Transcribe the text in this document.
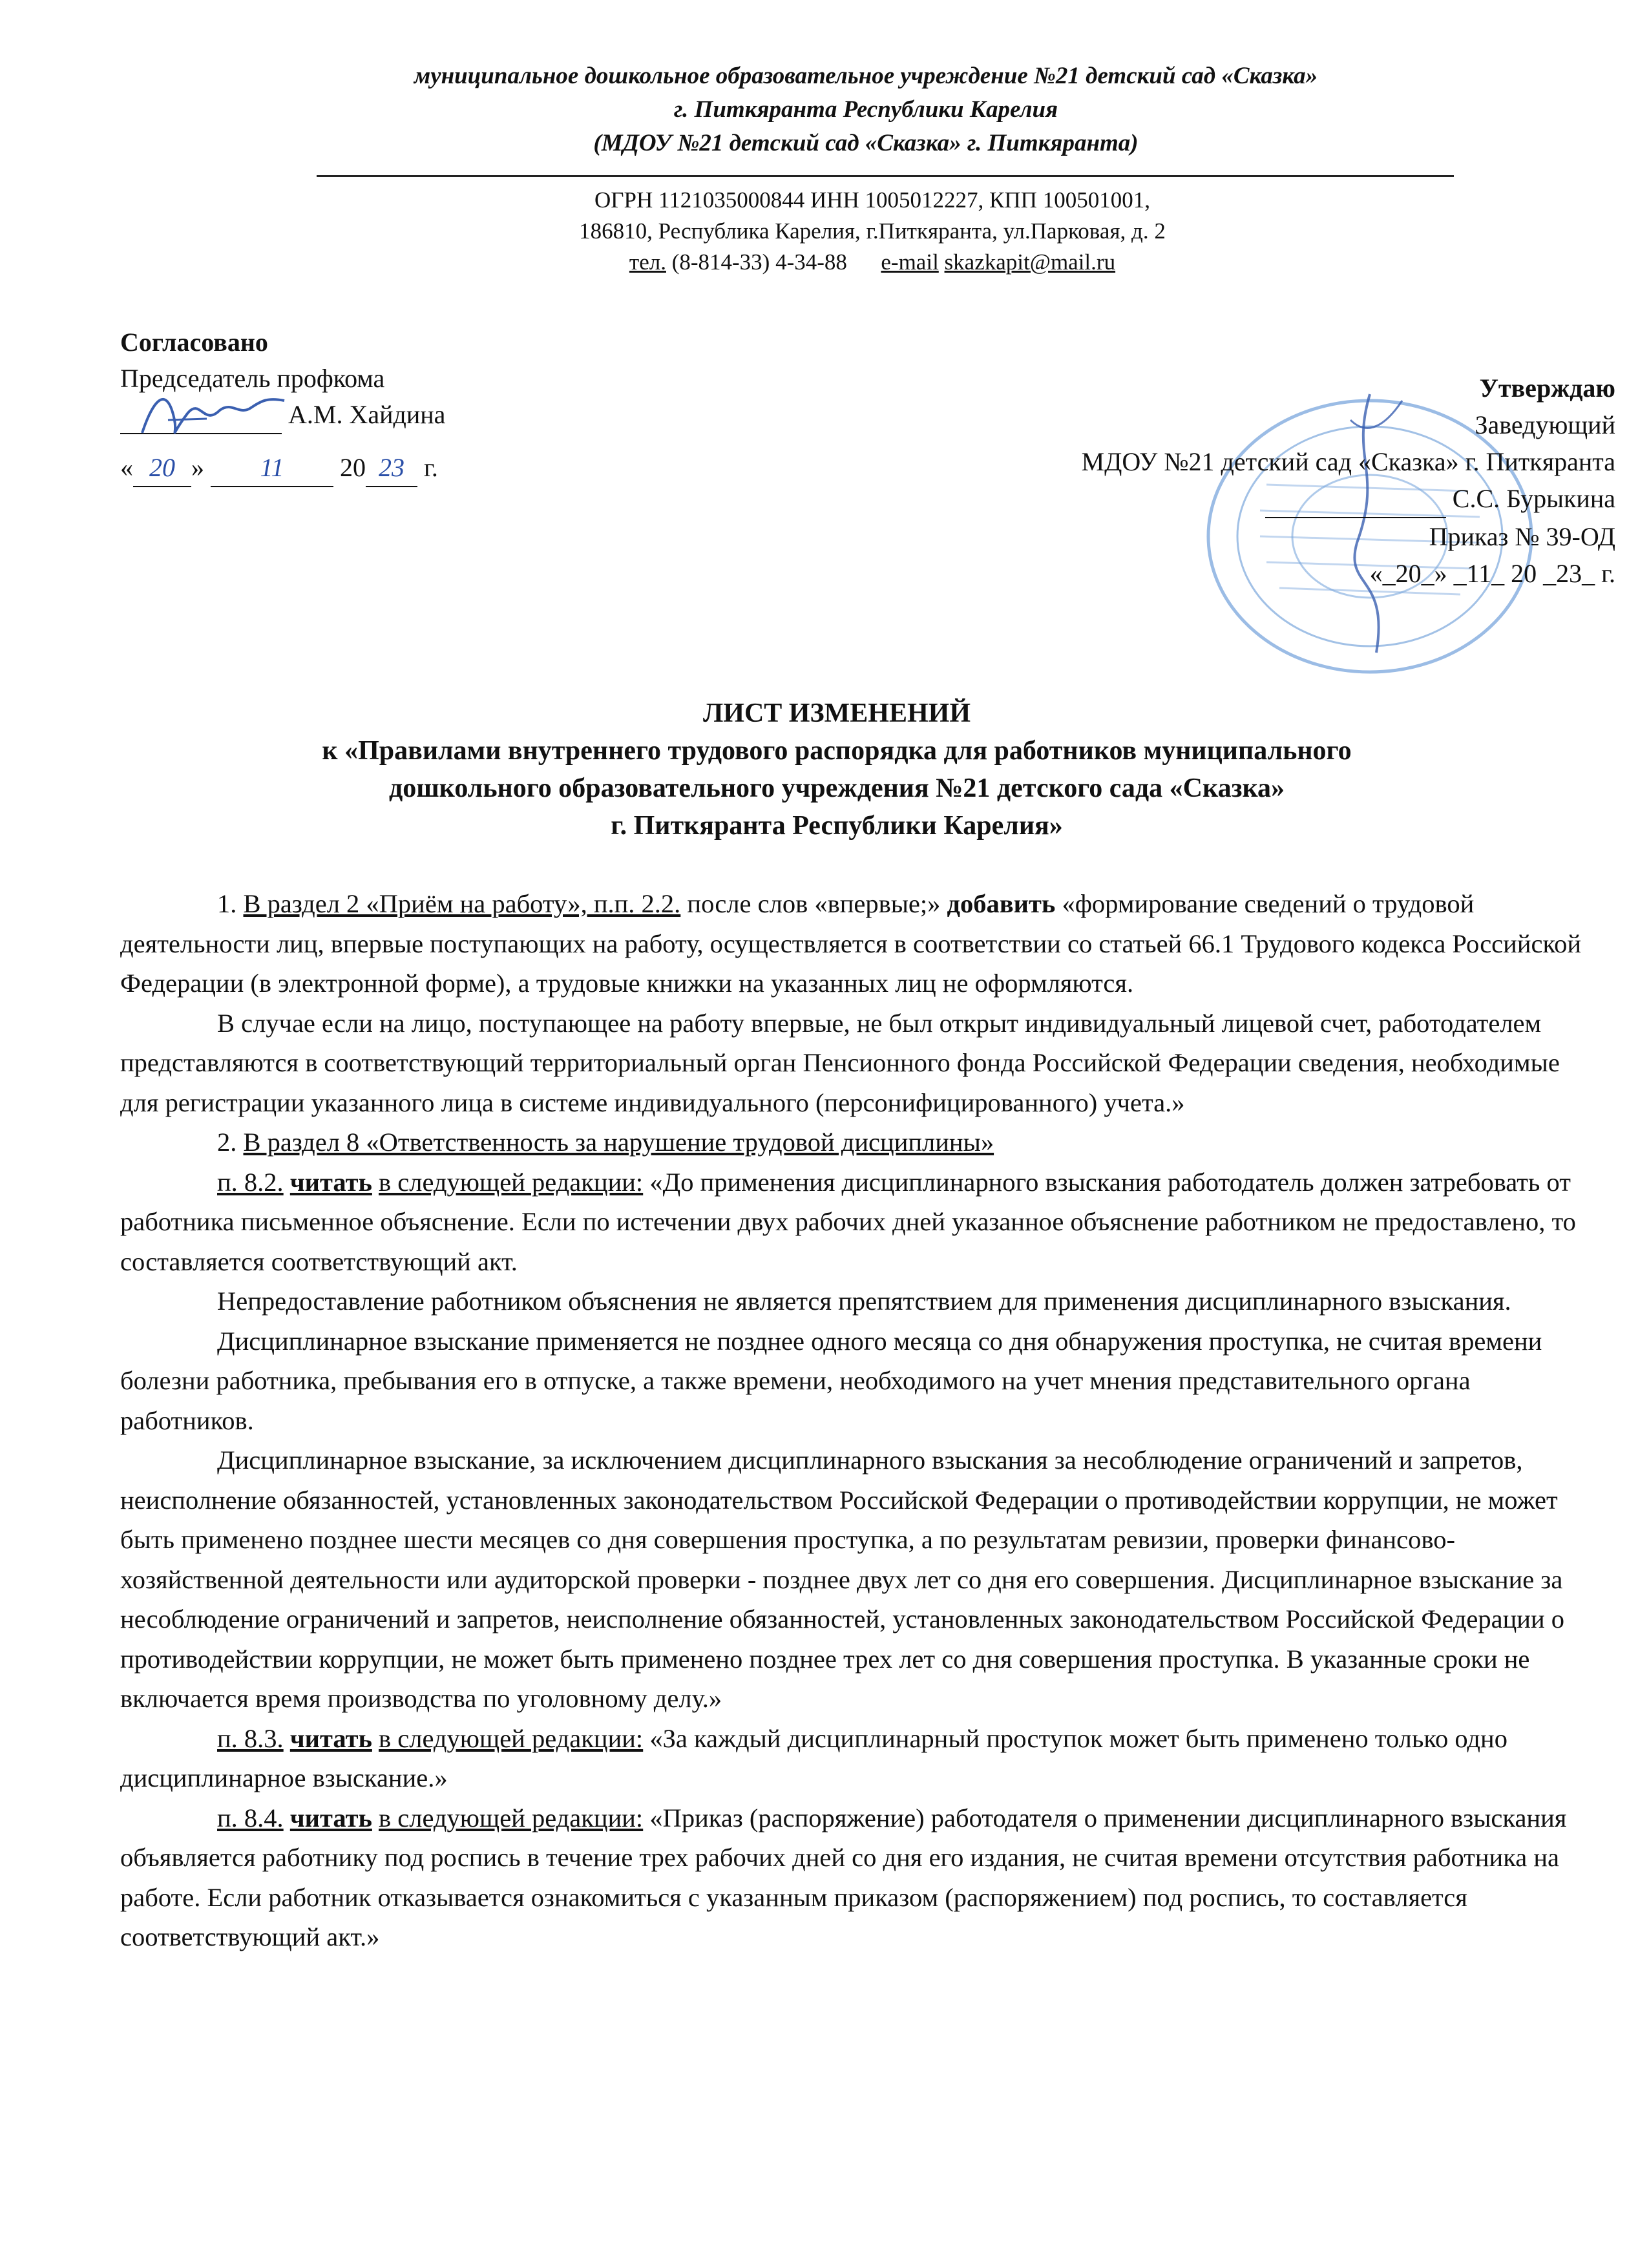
муниципальное дошкольное образовательное учреждение №21 детский сад «Сказка»
г. Питкяранта Республики Карелия
(МДОУ №21 детский сад «Сказка» г. Питкяранта)
ОГРН 1121035000844 ИНН 1005012227, КПП 100501001,
186810, Республика Карелия, г.Питкяранта, ул.Парковая, д. 2
тел. (8-814-33) 4-34-88 e-mail skazkapit@mail.ru
Согласовано
Председатель профкома
А.М. Хайдина
« 20 » 11 20 23 г.
Утверждаю
Заведующий
МДОУ №21 детский сад «Сказка» г. Питкяранта
С.С. Бурыкина
Приказ № 39-ОД
«_20_» _11_ 20 _23_ г.
ЛИСТ ИЗМЕНЕНИЙ
к «Правилами внутреннего трудового распорядка для работников муниципального
дошкольного образовательного учреждения №21 детского сада «Сказка»
г. Питкяранта Республики Карелия»

1. В раздел 2 «Приём на работу», п.п. 2.2. после слов «впервые;» добавить «формирование сведений о трудовой деятельности лиц, впервые поступающих на работу, осуществляется в соответствии со статьей 66.1 Трудового кодекса Российской Федерации (в электронной форме), а трудовые книжки на указанных лиц не оформляются.

В случае если на лицо, поступающее на работу впервые, не был открыт индивидуальный лицевой счет, работодателем представляются в соответствующий территориальный орган Пенсионного фонда Российской Федерации сведения, необходимые для регистрации указанного лица в системе индивидуального (персонифицированного) учета.»

2. В раздел 8 «Ответственность за нарушение трудовой дисциплины»

п. 8.2. читать в следующей редакции: «До применения дисциплинарного взыскания работодатель должен затребовать от работника письменное объяснение. Если по истечении двух рабочих дней указанное объяснение работником не предоставлено, то составляется соответствующий акт.

Непредоставление работником объяснения не является препятствием для применения дисциплинарного взыскания.

Дисциплинарное взыскание применяется не позднее одного месяца со дня обнаружения проступка, не считая времени болезни работника, пребывания его в отпуске, а также времени, необходимого на учет мнения представительного органа работников.

Дисциплинарное взыскание, за исключением дисциплинарного взыскания за несоблюдение ограничений и запретов, неисполнение обязанностей, установленных законодательством Российской Федерации о противодействии коррупции, не может быть применено позднее шести месяцев со дня совершения проступка, а по результатам ревизии, проверки финансово-хозяйственной деятельности или аудиторской проверки - позднее двух лет со дня его совершения. Дисциплинарное взыскание за несоблюдение ограничений и запретов, неисполнение обязанностей, установленных законодательством Российской Федерации о противодействии коррупции, не может быть применено позднее трех лет со дня совершения проступка. В указанные сроки не включается время производства по уголовному делу.»

п. 8.3. читать в следующей редакции: «За каждый дисциплинарный проступок может быть применено только одно дисциплинарное взыскание.»

п. 8.4. читать в следующей редакции: «Приказ (распоряжение) работодателя о применении дисциплинарного взыскания объявляется работнику под роспись в течение трех рабочих дней со дня его издания, не считая времени отсутствия работника на работе. Если работник отказывается ознакомиться с указанным приказом (распоряжением) под роспись, то составляется соответствующий акт.»
